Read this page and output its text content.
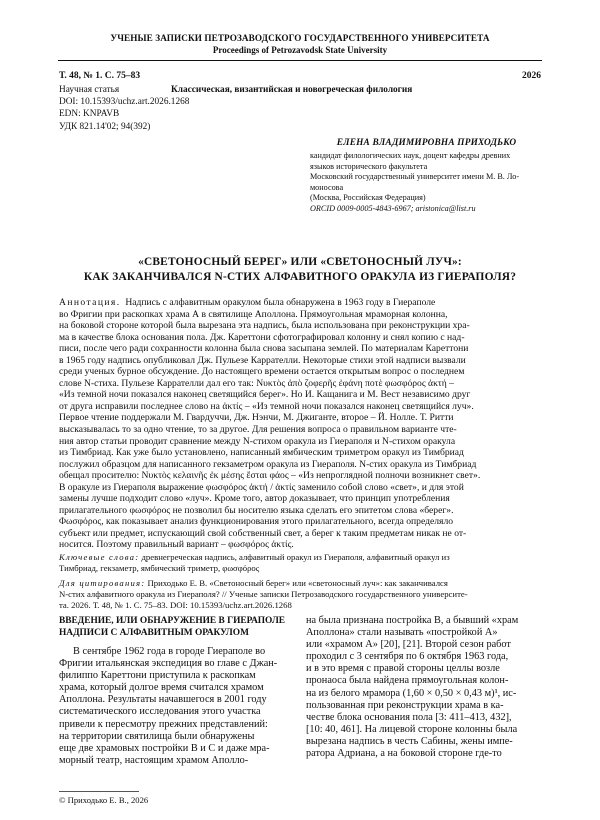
УЧЕНЫЕ ЗАПИСКИ ПЕТРОЗАВОДСКОГО ГОСУДАРСТВЕННОГО УНИВЕРСИТЕТА
Proceedings of Petrozavodsk State University
Т. 48, № 1. С. 75–83	2026
Научная статья	Классическая, византийская и новогреческая филология
DOI: 10.15393/uchz.art.2026.1268
EDN: KNPAVB
УДК 821.14'02; 94(392)
ЕЛЕНА ВЛАДИМИРОВНА ПРИХОДЬКО
кандидат филологических наук, доцент кафедры древних
языков исторического факультета
Московский государственный университет имени М. В. Ло-
моносова
(Москва, Российская Федерация)
ORCID 0009-0005-4843-6967; aristonica@list.ru
«СВЕТОНОСНЫЙ БЕРЕГ» ИЛИ «СВЕТОНОСНЫЙ ЛУЧ»:
КАК ЗАКАНЧИВАЛСЯ N-СТИХ АЛФАВИТНОГО ОРАКУЛА ИЗ ГИЕРАПОЛЯ?
Аннотация. Надпись с алфавитным оракулом была обнаружена в 1963 году в Гиераполе
во Фригии при раскопках храма А в святилище Аполлона. Прямоугольная мраморная колонна,
на боковой стороне которой была вырезана эта надпись, была использована при реконструкции хра-
ма в качестве блока основания пола. Дж. Кареттони сфотографировал колонну и снял копию с над-
писи, после чего ради сохранности колонна была снова засыпана землей. По материалам Кареттони
в 1965 году надпись опубликовал Дж. Пульезе Каррателли. Некоторые стихи этой надписи вызвали
среди ученых бурное обсуждение. До настоящего времени остается открытым вопрос о последнем
слове N-стиха. Пульезе Каррателли дал его так: Νυκτὸς ἀπὸ ζοφερῆς ἐφάνη ποτὲ φωσφόρος ἀκτή –
«Из темной ночи показался наконец светящийся берег». Но И. Кащанига и М. Вест независимо друг
от друга исправили последнее слово на ἀκτίς – «Из темной ночи показался наконец светящийся луч».
Первое чтение поддержали М. Гвардуччи, Дж. Нэнчи, М. Джиганте, второе – Й. Нолле. Т. Ритти
высказывалась то за одно чтение, то за другое. Для решения вопроса о правильном варианте чте-
ния автор статьи проводит сравнение между N-стихом оракула из Гиераполя и N-стихом оракула
из Тимбриад. Как уже было установлено, написанный ямбическим триметром оракул из Тимбриад
послужил образцом для написанного гекзаметром оракула из Гиераполя. N-стих оракула из Тимбриад
обещал просителю: Νυκτὸς κελαινῆς ἐκ μέσης ἔσται φάος – «Из непроглядной полночи возникнет свет».
В оракуле из Гиераполя выражение φωσφόρος ἀκτή / ἀκτίς заменило собой слово «свет», и для этой
замены лучше подходит слово «луч». Кроме того, автор доказывает, что принцип употребления
прилагательного φωσφόρος не позволил бы носителю языка сделать его эпитетом слова «берег».
Φωσφόρος, как показывает анализ функционирования этого прилагательного, всегда определяло
субъект или предмет, испускающий свой собственный свет, а берег к таким предметам никак не от-
носится. Поэтому правильный вариант – φωσφόρος ἀκτίς.
Ключевые слова: древнегреческая надпись, алфавитный оракул из Гиераполя, алфавитный оракул из
Тимбриад, гекзаметр, ямбический триметр, φωσφόρος
Для цитирования: Приходько Е. В. «Светоносный берег» или «светоносный луч»: как заканчивался
N-стих алфавитного оракула из Гиераполя? // Ученые записки Петрозаводского государственного университе-
та. 2026. Т. 48, № 1. С. 75–83. DOI: 10.15393/uchz.art.2026.1268
ВВЕДЕНИЕ, ИЛИ ОБНАРУЖЕНИЕ В ГИЕРАПОЛЕ
НАДПИСИ С АЛФАВИТНЫМ ОРАКУЛОМ
В сентябре 1962 года в городе Гиераполе во
Фригии итальянская экспедиция во главе с Джан-
филиппо Кареттони приступила к раскопкам
храма, который долгое время считался храмом
Аполлона. Результаты начавшегося в 2001 году
систематического исследования этого участка
привели к пересмотру прежних представлений:
на территории святилища были обнаружены
еще две храмовых постройки В и С и даже мра-
морный театр, настоящим храмом Аполло-
на была признана постройка В, а бывший «храм
Аполлона» стали называть «постройкой А»
или «храмом А» [20], [21]. Второй сезон работ
проходил с 3 сентября по 6 октября 1963 года,
и в это время с правой стороны целлы возле
пронаоса была найдена прямоугольная колон-
на из белого мрамора (1,60 × 0,50 × 0,43 м)¹, ис-
пользованная при реконструкции храма в ка-
честве блока основания пола [3: 411–413, 432],
[10: 40, 461]. На лицевой стороне колонны была
вырезана надпись в честь Сабины, жены импе-
ратора Адриана, а на боковой стороне где-то
© Приходько Е. В., 2026
